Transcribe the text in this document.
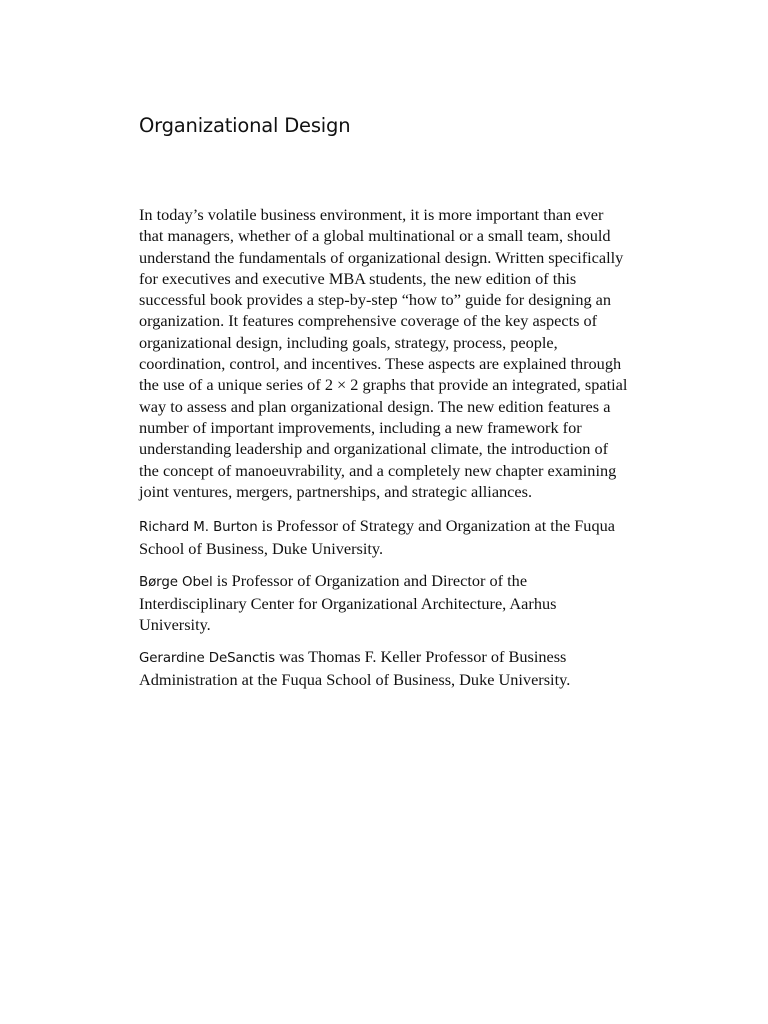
Organizational Design

In today’s volatile business environment, it is more important than ever
that managers, whether of a global multinational or a small team, should
understand the fundamentals of organizational design. Written specifically
for executives and executive MBA students, the new edition of this
successful book provides a step-by-step “how to” guide for designing an
organization. It features comprehensive coverage of the key aspects of
organizational design, including goals, strategy, process, people,
coordination, control, and incentives. These aspects are explained through
the use of a unique series of 2 × 2 graphs that provide an integrated, spatial
way to assess and plan organizational design. The new edition features a
number of important improvements, including a new framework for
understanding leadership and organizational climate, the introduction of
the concept of manoeuvrability, and a completely new chapter examining
joint ventures, mergers, partnerships, and strategic alliances.

Richard M. Burton is Professor of Strategy and Organization at the Fuqua
School of Business, Duke University.

Børge Obel is Professor of Organization and Director of the
Interdisciplinary Center for Organizational Architecture, Aarhus
University.

Gerardine DeSanctis was Thomas F. Keller Professor of Business
Administration at the Fuqua School of Business, Duke University.
